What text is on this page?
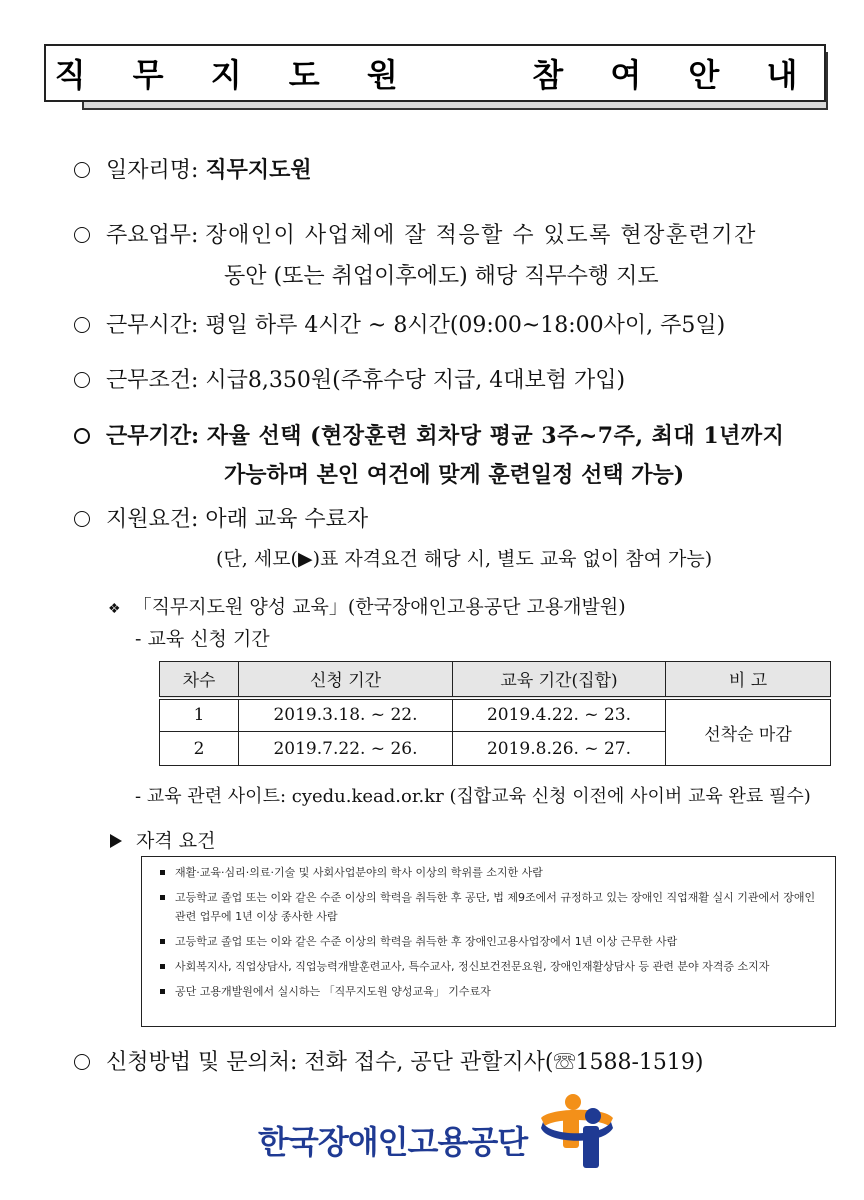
직 무 지 도 원    참 여 안 내
일자리명: 직무지도원
주요업무: 장애인이 사업체에 잘 적응할 수 있도록 현장훈련기간
동안 (또는 취업이후에도) 해당 직무수행 지도
근무시간: 평일 하루 4시간 ~ 8시간(09:00~18:00사이, 주5일)
근무조건: 시급8,350원(주휴수당 지급, 4대보험 가입)
근무기간: 자율 선택 (현장훈련 회차당 평균 3주~7주, 최대 1년까지
가능하며 본인 여건에 맞게 훈련일정 선택 가능)
지원요건: 아래 교육 수료자
(단, 세모(▶)표 자격요건 해당 시, 별도 교육 없이 참여 가능)
❖ 「직무지도원 양성 교육」(한국장애인고용공단 고용개발원)
- 교육 신청 기간
차수	신청 기간	교육 기간(집합)	비 고
1	2019.3.18. ~ 22.	2019.4.22. ~ 23.	선착순 마감
2	2019.7.22. ~ 26.	2019.8.26. ~ 27.	
- 교육 관련 사이트: cyedu.kead.or.kr (집합교육 신청 이전에 사이버 교육 완료 필수)
자격 요건
재활·교육·심리·의료·기술 및 사회사업분야의 학사 이상의 학위를 소지한 사람
고등학교 졸업 또는 이와 같은 수준 이상의 학력을 취득한 후 공단, 법 제9조에서 규정하고 있는 장애인 직업재활 실시 기관에서 장애인 관련 업무에 1년 이상 종사한 사람
고등학교 졸업 또는 이와 같은 수준 이상의 학력을 취득한 후 장애인고용사업장에서 1년 이상 근무한 사람
사회복지사, 직업상담사, 직업능력개발훈련교사, 특수교사, 정신보건전문요원, 장애인재활상담사 등 관련 분야 자격증 소지자
공단 고용개발원에서 실시하는 「직무지도원 양성교육」 기수료자
신청방법 및 문의처: 전화 접수, 공단 관할지사(☏1588-1519)
한국장애인고용공단
